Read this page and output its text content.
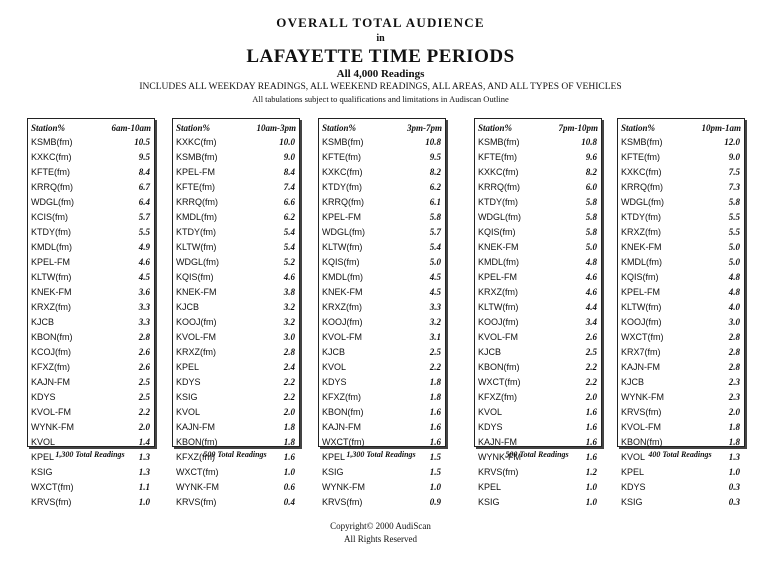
OVERALL TOTAL AUDIENCE
in
LAFAYETTE TIME PERIODS
All 4,000 Readings
INCLUDES ALL WEEKDAY READINGS, ALL WEEKEND READINGS, ALL AREAS, AND ALL TYPES OF VEHICLES
All tabulations subject to qualifications and limitations in Audiscan Outline
Station%	6am-10am
KSMB(fm)	10.5
KXKC(fm)	9.5
KFTE(fm)	8.4
KRRQ(fm)	6.7
WDGL(fm)	6.4
KCIS(fm)	5.7
KTDY(fm)	5.5
KMDL(fm)	4.9
KPEL-FM	4.6
KLTW(fm)	4.5
KNEK-FM	3.6
KRXZ(fm)	3.3
KJCB	3.3
KBON(fm)	2.8
KCOJ(fm)	2.6
KFXZ(fm)	2.6
KAJN-FM	2.5
KDYS	2.5
KVOL-FM	2.2
WYNK-FM	2.0
KVOL	1.4
KPEL	1.3
KSIG	1.3
WXCT(fm)	1.1
KRVS(fm)	1.0
1,300 Total Readings
Station%	10am-3pm
KXKC(fm)	10.0
KSMB(fm)	9.0
KPEL-FM	8.4
KFTE(fm)	7.4
KRRQ(fm)	6.6
KMDL(fm)	6.2
KTDY(fm)	5.4
KLTW(fm)	5.4
WDGL(fm)	5.2
KQIS(fm)	4.6
KNEK-FM	3.8
KJCB	3.2
KOOJ(fm)	3.2
KVOL-FM	3.0
KRXZ(fm)	2.8
KPEL	2.4
KDYS	2.2
KSIG	2.2
KVOL	2.0
KAJN-FM	1.8
KBON(fm)	1.8
KFXZ(fm)	1.6
WXCT(fm)	1.0
WYNK-FM	0.6
KRVS(fm)	0.4
500 Total Readings
Station%	3pm-7pm
KSMB(fm)	10.8
KFTE(fm)	9.5
KXKC(fm)	8.2
KTDY(fm)	6.2
KRRQ(fm)	6.1
KPEL-FM	5.8
WDGL(fm)	5.7
KLTW(fm)	5.4
KQIS(fm)	5.0
KMDL(fm)	4.5
KNEK-FM	4.5
KRXZ(fm)	3.3
KOOJ(fm)	3.2
KVOL-FM	3.1
KJCB	2.5
KVOL	2.2
KDYS	1.8
KFXZ(fm)	1.8
KBON(fm)	1.6
KAJN-FM	1.6
WXCT(fm)	1.6
KPEL	1.5
KSIG	1.5
WYNK-FM	1.0
KRVS(fm)	0.9
1,300 Total Readings
Station%	7pm-10pm
KSMB(fm)	10.8
KFTE(fm)	9.6
KXKC(fm)	8.2
KRRQ(fm)	6.0
KTDY(fm)	5.8
WDGL(fm)	5.8
KQIS(fm)	5.8
KNEK-FM	5.0
KMDL(fm)	4.8
KPEL-FM	4.6
KRXZ(fm)	4.6
KLTW(fm)	4.4
KOOJ(fm)	3.4
KVOL-FM	2.6
KJCB	2.5
KBON(fm)	2.2
WXCT(fm)	2.2
KFXZ(fm)	2.0
KVOL	1.6
KDYS	1.6
KAJN-FM	1.6
WYNK-FM	1.6
KRVS(fm)	1.2
KPEL	1.0
KSIG	1.0
500 Total Readings
Station%	10pm-1am
KSMB(fm)	12.0
KFTE(fm)	9.0
KXKC(fm)	7.5
KRRQ(fm)	7.3
WDGL(fm)	5.8
KTDY(fm)	5.5
KRXZ(fm)	5.5
KNEK-FM	5.0
KMDL(fm)	5.0
KQIS(fm)	4.8
KPEL-FM	4.8
KLTW(fm)	4.0
KOOJ(fm)	3.0
WXCT(fm)	2.8
KRX7(fm)	2.8
KAJN-FM	2.8
KJCB	2.3
WYNK-FM	2.3
KRVS(fm)	2.0
KVOL-FM	1.8
KBON(fm)	1.8
KVOL	1.3
KPEL	1.0
KDYS	0.3
KSIG	0.3
400 Total Readings
Copyright© 2000 AudiScan
All Rights Reserved
